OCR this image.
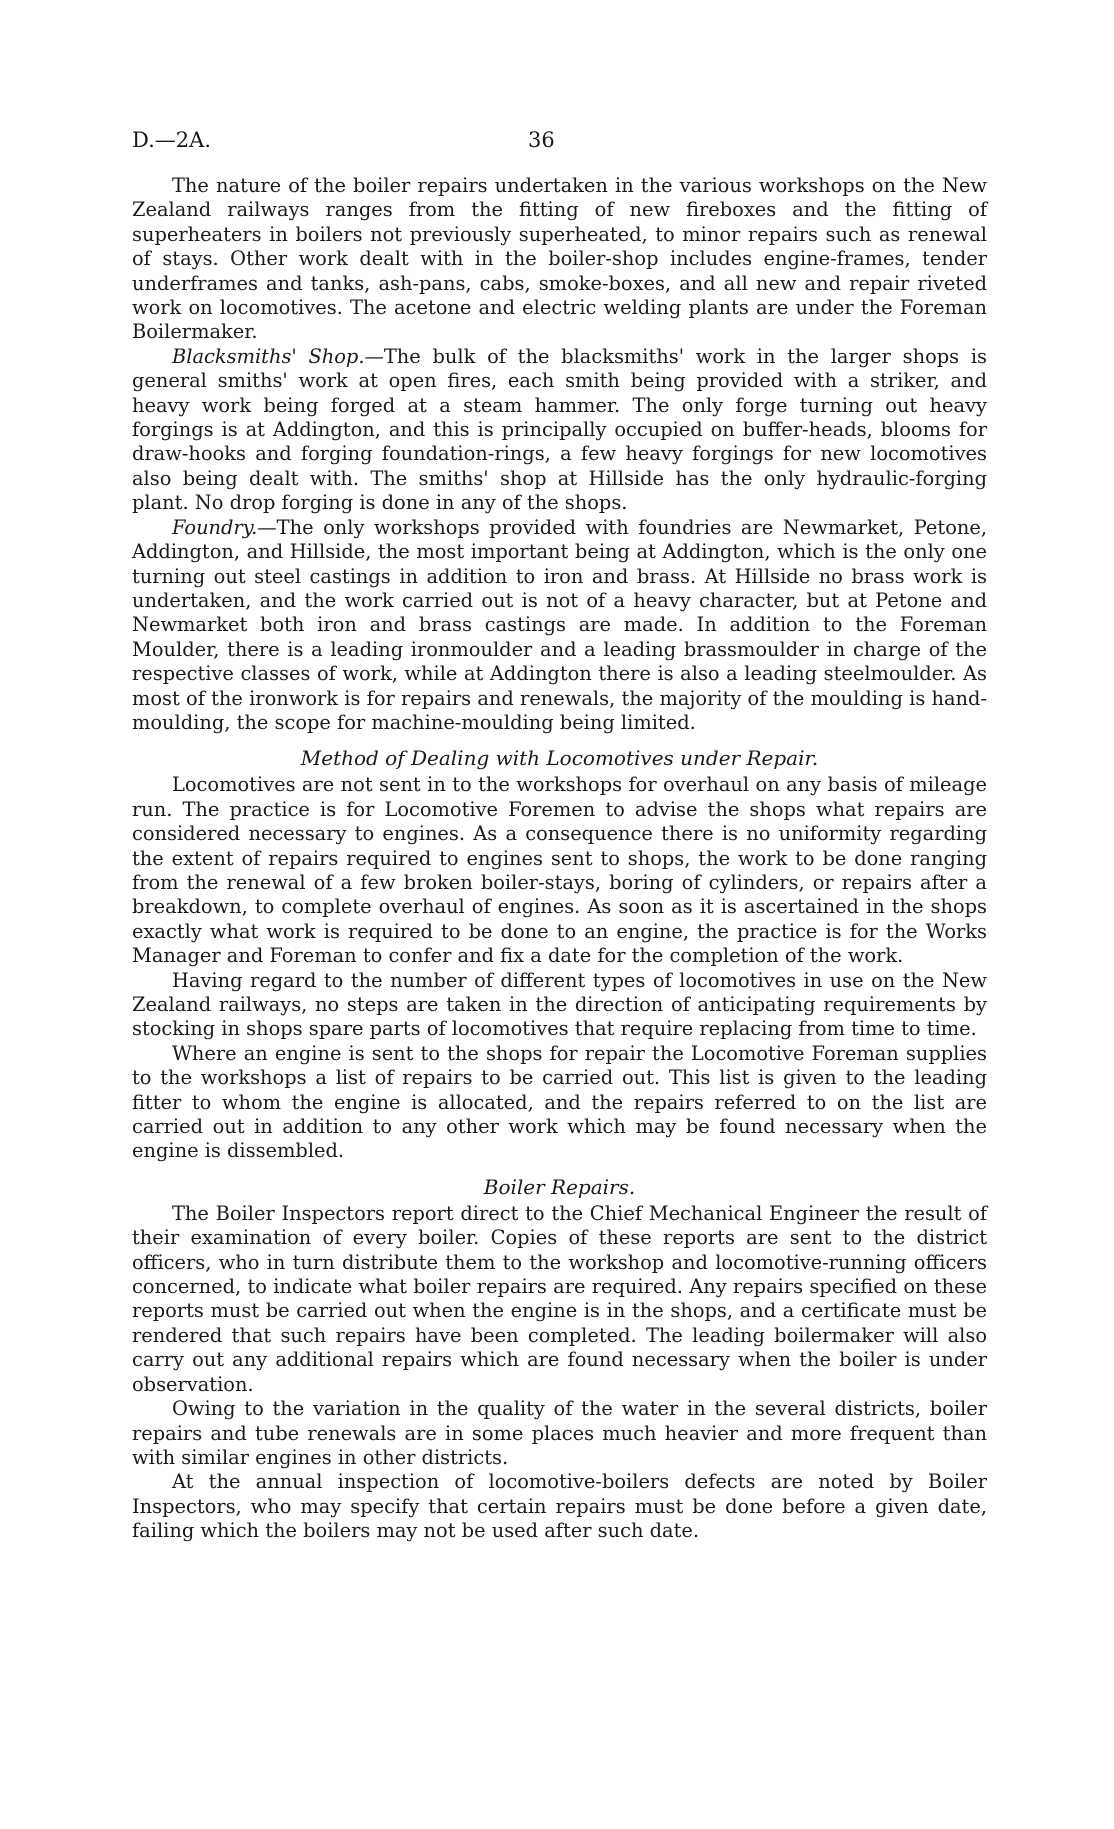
D.—2A.	36

The nature of the boiler repairs undertaken in the various workshops on the New Zealand railways ranges from the fitting of new fireboxes and the fitting of superheaters in boilers not previously superheated, to minor repairs such as renewal of stays. Other work dealt with in the boiler-shop includes engine-frames, tender underframes and tanks, ash-pans, cabs, smoke-boxes, and all new and repair riveted work on locomotives. The acetone and electric welding plants are under the Foreman Boilermaker.

Blacksmiths' Shop.—The bulk of the blacksmiths' work in the larger shops is general smiths' work at open fires, each smith being provided with a striker, and heavy work being forged at a steam hammer. The only forge turning out heavy forgings is at Addington, and this is principally occupied on buffer-heads, blooms for draw-hooks and forging foundation-rings, a few heavy forgings for new locomotives also being dealt with. The smiths' shop at Hillside has the only hydraulic-forging plant. No drop forging is done in any of the shops.

Foundry.—The only workshops provided with foundries are Newmarket, Petone, Addington, and Hillside, the most important being at Addington, which is the only one turning out steel castings in addition to iron and brass. At Hillside no brass work is undertaken, and the work carried out is not of a heavy character, but at Petone and Newmarket both iron and brass castings are made. In addition to the Foreman Moulder, there is a leading ironmoulder and a leading brassmoulder in charge of the respective classes of work, while at Addington there is also a leading steelmoulder. As most of the ironwork is for repairs and renewals, the majority of the moulding is hand-moulding, the scope for machine-moulding being limited.

Method of Dealing with Locomotives under Repair.

Locomotives are not sent in to the workshops for overhaul on any basis of mileage run. The practice is for Locomotive Foremen to advise the shops what repairs are considered necessary to engines. As a consequence there is no uniformity regarding the extent of repairs required to engines sent to shops, the work to be done ranging from the renewal of a few broken boiler-stays, boring of cylinders, or repairs after a breakdown, to complete overhaul of engines. As soon as it is ascertained in the shops exactly what work is required to be done to an engine, the practice is for the Works Manager and Foreman to confer and fix a date for the completion of the work.

Having regard to the number of different types of locomotives in use on the New Zealand railways, no steps are taken in the direction of anticipating requirements by stocking in shops spare parts of locomotives that require replacing from time to time.

Where an engine is sent to the shops for repair the Locomotive Foreman supplies to the workshops a list of repairs to be carried out. This list is given to the leading fitter to whom the engine is allocated, and the repairs referred to on the list are carried out in addition to any other work which may be found necessary when the engine is dissembled.

Boiler Repairs.

The Boiler Inspectors report direct to the Chief Mechanical Engineer the result of their examination of every boiler. Copies of these reports are sent to the district officers, who in turn distribute them to the workshop and locomotive-running officers concerned, to indicate what boiler repairs are required. Any repairs specified on these reports must be carried out when the engine is in the shops, and a certificate must be rendered that such repairs have been completed. The leading boilermaker will also carry out any additional repairs which are found necessary when the boiler is under observation.

Owing to the variation in the quality of the water in the several districts, boiler repairs and tube renewals are in some places much heavier and more frequent than with similar engines in other districts.

At the annual inspection of locomotive-boilers defects are noted by Boiler Inspectors, who may specify that certain repairs must be done before a given date, failing which the boilers may not be used after such date.
